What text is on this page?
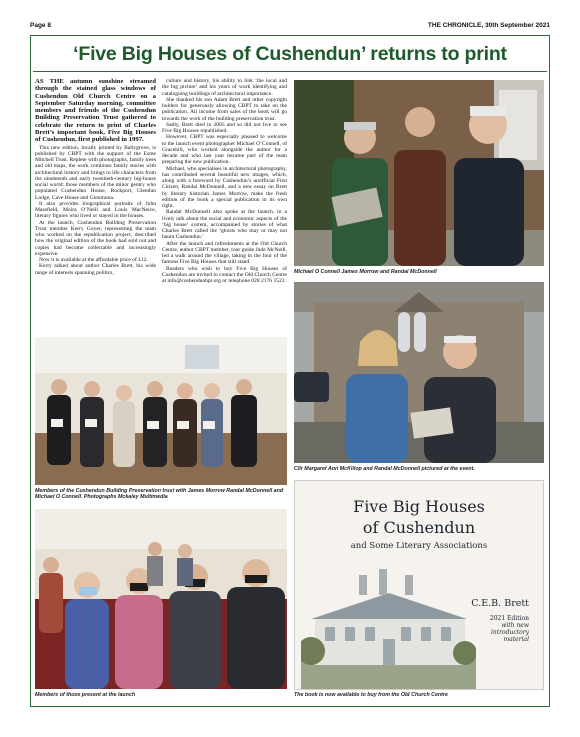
Page 8	THE CHRONICLE, 30th September 2021
‘Five Big Houses of Cushendun’ returns to print

AS THE autumn sunshine streamed through the stained glass windows of Cushendun Old Church Centre on a September Saturday morning, committee members and friends of the Cushendun Building Preservation Trust gathered to celebrate the return to print of Charles Brett’s important book, Five Big Houses of Cushendun, first published in 1997.

This new edition, locally printed by Ballygrove, is published by CBPT with the support of the Esme Mitchell Trust. Replete with photographs, family trees and old maps, the work combines family stories with architectural history and brings to life characters from the nineteenth and early twentieth-century big-house social world: those members of the minor gentry who populated Cushendun House, Rockport, Glendun Lodge, Cave House and Glenmona.

It also provides biographical portraits of John Masefield, Moira O’Neill and Louis MacNeice, literary figures who lived or stayed in the houses.

At the launch, Cushendun Building Preservation Trust member Kerry Goyer, representing the team who worked on the republication project, described how the original edition of the book had sold out and copies had become collectable and increasingly expensive.

Now it is available at the affordable price of £12.

Kerry talked about author Charles Brett, his wide range of interests spanning politics,

culture and history, his ability to link ‘the local and the big picture’ and his years of work identifying and cataloguing buildings of architectural importance.

She thanked his son Adam Brett and other copyright holders for generously allowing CBPT to take on the publication. All income from sales of the book will go towards the work of the building preservation trust.

Sadly, Brett died in 2005 and so did not live to see Five Big Houses republished.

However, CBPT was especially pleased to welcome to the launch event photographer Michael O’Connell, of Gracehill, who worked alongside the author for a decade and who last year became part of the team preparing the new publication.

Michael, who specialises in architectural photography, has contributed several beautiful new images, which, along with a foreword by Cushendun’s unofficial First Citizen, Randal McDonnell, and a new essay on Brett by literary historian James Morrow, make the fresh edition of the book a special publication in its own right.

Randal McDonnell also spoke at the launch, in a lively talk about the social and economic aspects of the ‘big house’ system, accompanied by stories of what Charles Brett called the ‘ghosts who may or may not haunt Cushendun.’

After the launch and refreshments at the Old Church Centre, author CBPT member, tour guide Jude McNeill, led a walk around the village, taking in the four of the famous Five Big Houses that still stand.

Readers who wish to buy Five Big Houses of Cushendun are invited to contact the Old Church Centre at info@cushendunbpt.org or telephone 028 2176 1522.

Michael O Connell James Morrow and Randal McDonnell
Cllr Margaret Ann McKillop and Randal McDonnell pictured at the event.
Members of the Cushendun Building Preservation trust with James Morrow Randal McDonnell and Michael O Connell. Photographs Mckaley Multimedia
Members of those present at the launch
Five Big Houses
of Cushendun
and Some Literary Associations
C.E.B. Brett
2021 Edition
with new
introductory
material
The book is now available to buy from the Old Church Centre
